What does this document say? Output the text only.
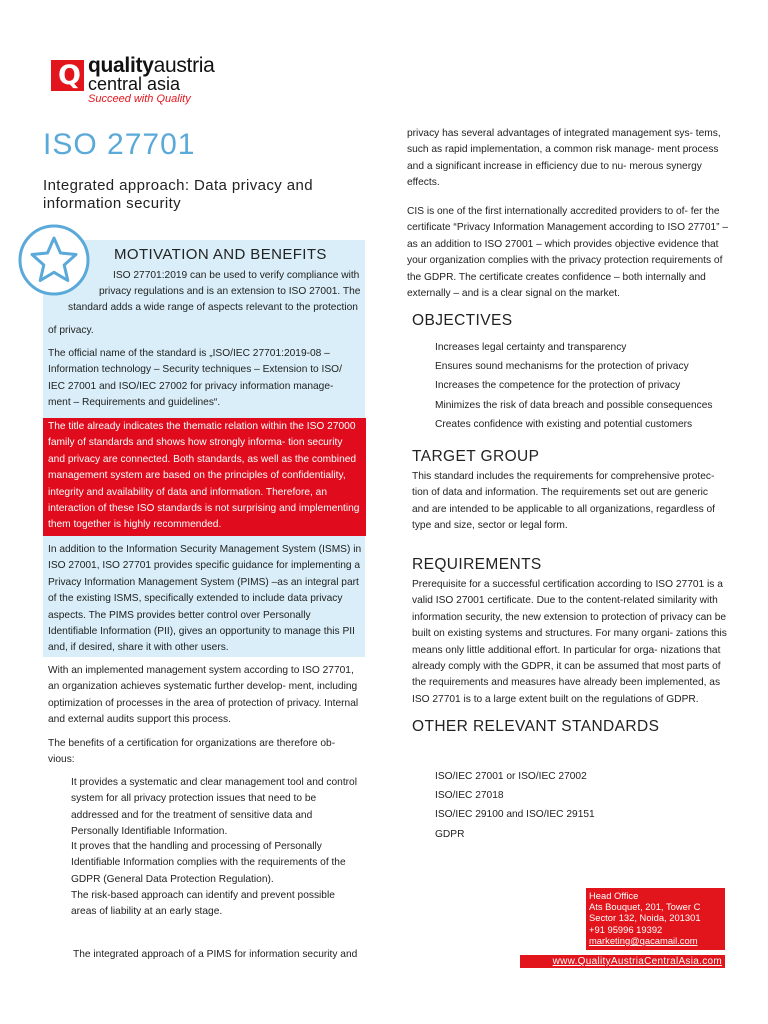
Q qualityaustria
central asia
Succeed with Quality
ISO 27701
Integrated approach: Data privacy and information security
MOTIVATION AND BENEFITS
ISO 27701:2019 can be used to verify compliance with
privacy regulations and is an extension to ISO 27001. The
standard adds a wide range of aspects relevant to the protection
of privacy.

The official name of the standard is „ISO/IEC 27701:2019-08 – Information technology – Security techniques – Extension to ISO/ IEC 27001 and ISO/IEC 27002 for privacy information manage- ment – Requirements and guidelines“.

The title already indicates the thematic relation within the ISO 27000 family of standards and shows how strongly informa- tion security and privacy are connected. Both standards, as well as the combined management system are based on the principles of confidentiality, integrity and availability of data and information. Therefore, an interaction of these ISO standards is not surprising and implementing them together is highly recommended.

In addition to the Information Security Management System (ISMS) in ISO 27001, ISO 27701 provides specific guidance for implementing a Privacy Information Management System (PIMS) –as an integral part of the existing ISMS, specifically extended to include data privacy aspects. The PIMS provides better control over Personally Identifiable Information (PII), gives an opportunity to manage this PII and, if desired, share it with other users.

With an implemented management system according to ISO 27701, an organization achieves systematic further develop- ment, including optimization of processes in the area of protection of privacy. Internal and external audits support this process.

The benefits of a certification for organizations are therefore ob- vious:

It provides a systematic and clear management tool and control system for all privacy protection issues that need to be addressed and for the treatment of sensitive data and Personally Identifiable Information.

It proves that the handling and processing of Personally Identifiable Information complies with the requirements of the GDPR (General Data Protection Regulation).

The risk-based approach can identify and prevent possible areas of liability at an early stage.

The integrated approach of a PIMS for information security and

privacy has several advantages of integrated management sys- tems, such as rapid implementation, a common risk manage- ment process and a significant increase in efficiency due to nu- merous synergy effects.

CIS is one of the first internationally accredited providers to of- fer the certificate “Privacy Information Management according to ISO 27701” – as an addition to ISO 27001 – which provides objective evidence that your organization complies with the privacy protection requirements of the GDPR. The certificate creates confidence – both internally and externally – and is a clear signal on the market.

OBJECTIVES
Increases legal certainty and transparency
Ensures sound mechanisms for the protection of privacy
Increases the competence for the protection of privacy
Minimizes the risk of data breach and possible consequences
Creates confidence with existing and potential customers
TARGET GROUP

This standard includes the requirements for comprehensive protec- tion of data and information. The requirements set out are generic and are intended to be applicable to all organizations, regardless of type and size, sector or legal form.

REQUIREMENTS

Prerequisite for a successful certification according to ISO 27701 is a valid ISO 27001 certificate. Due to the content-related similarity with information security, the new extension to protection of privacy can be built on existing systems and structures. For many organi- zations this means only little additional effort. In particular for orga- nizations that already comply with the GDPR, it can be assumed that most parts of the requirements and measures have already been implemented, as ISO 27701 is to a large extent built on the regulations of GDPR.

OTHER RELEVANT STANDARDS
ISO/IEC 27001 or ISO/IEC 27002
ISO/IEC 27018
ISO/IEC 29100 and ISO/IEC 29151
GDPR
Head Office
Ats Bouquet, 201, Tower C
Sector 132, Noida, 201301
+91 95996 19392
marketing@qacamail.com
www.QualityAustriaCentralAsia.com
